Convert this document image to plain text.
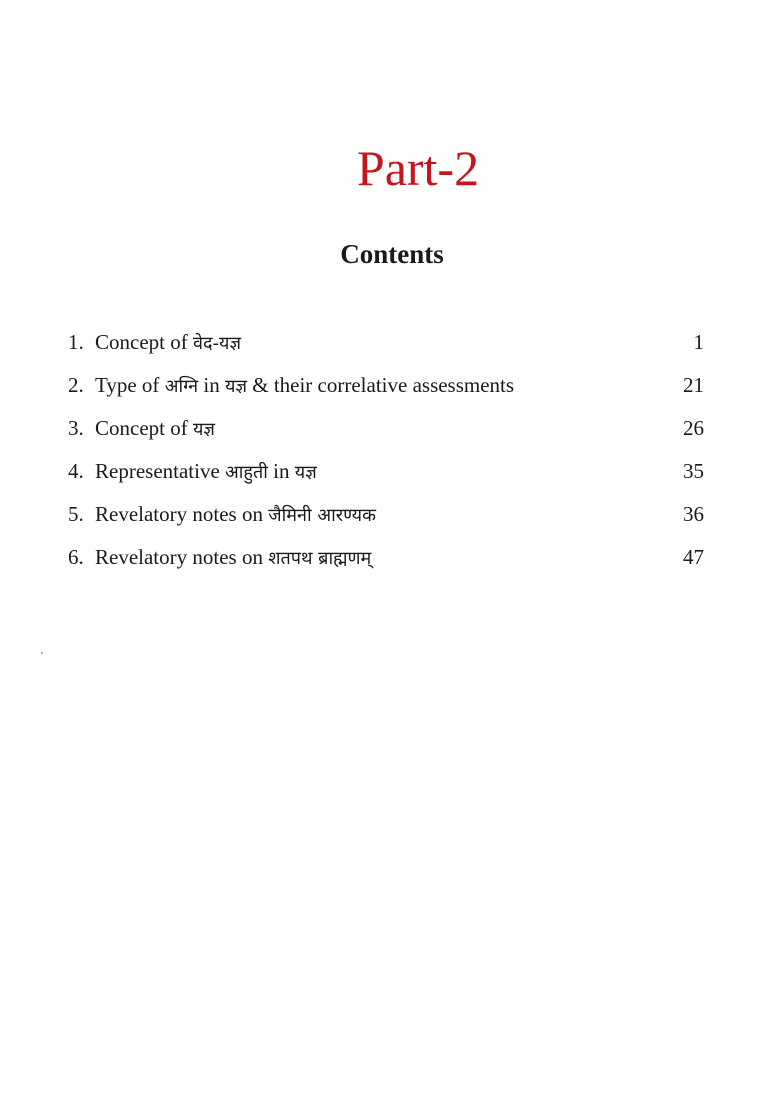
Part-2
Contents
1. Concept of वेद-यज्ञ	1
2. Type of अग्नि in यज्ञ & their correlative assessments	21
3. Concept of यज्ञ	26
4. Representative आहुती in यज्ञ	35
5. Revelatory notes on जैमिनी आरण्यक	36
6. Revelatory notes on शतपथ ब्राह्मणम्	47
